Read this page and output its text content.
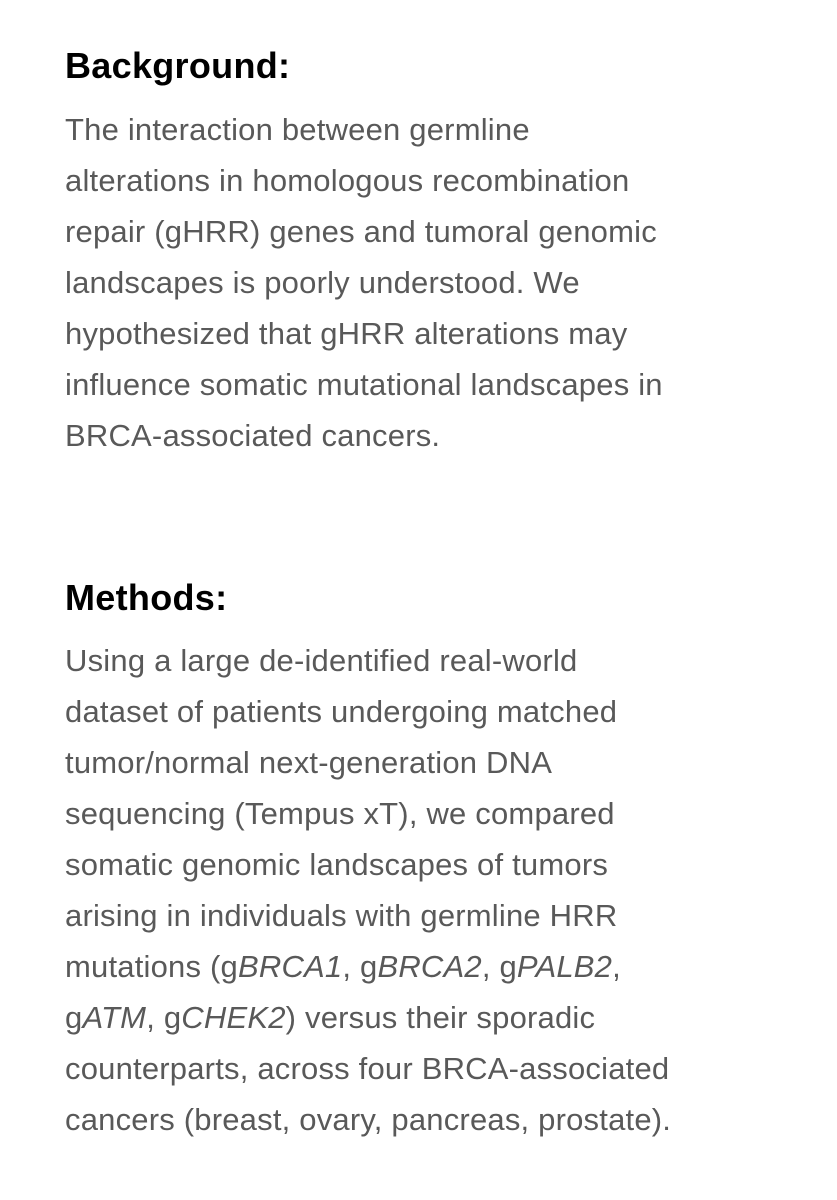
Background:

The interaction between germline
alterations in homologous recombination
repair (gHRR) genes and tumoral genomic
landscapes is poorly understood. We
hypothesized that gHRR alterations may
influence somatic mutational landscapes in
BRCA-associated cancers.

Methods:

Using a large de-identified real-world
dataset of patients undergoing matched
tumor/normal next-generation DNA
sequencing (Tempus xT), we compared
somatic genomic landscapes of tumors
arising in individuals with germline HRR
mutations (gBRCA1, gBRCA2, gPALB2,
gATM, gCHEK2) versus their sporadic
counterparts, across four BRCA-associated
cancers (breast, ovary, pancreas, prostate).
